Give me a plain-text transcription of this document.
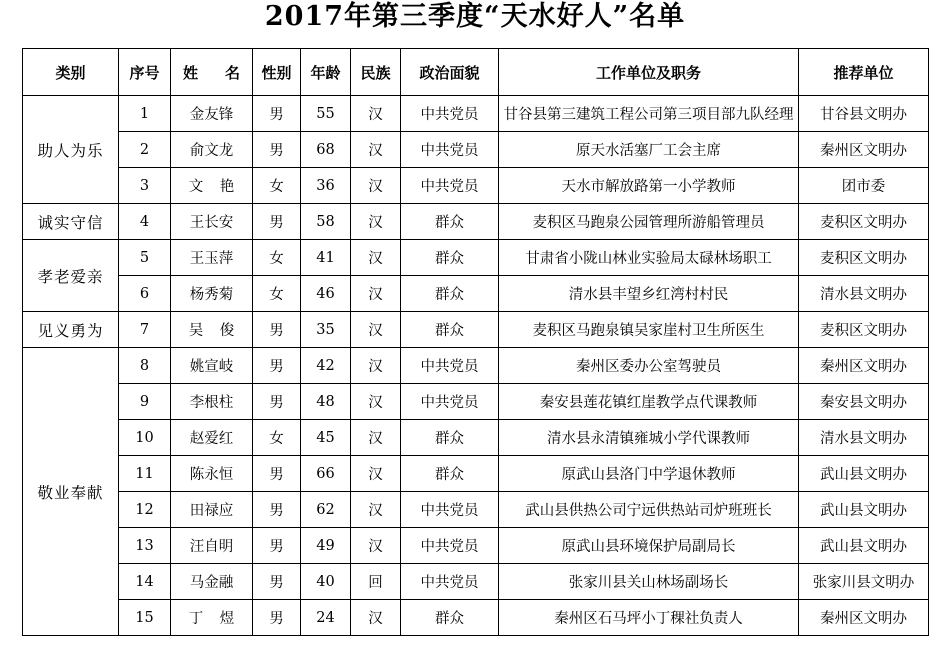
2017年第三季度“天水好人”名单
类别	序号	姓　名	性别	年龄	民族	政治面貌	工作单位及职务	推荐单位
助人为乐	1	金友锋	男	55	汉	中共党员	甘谷县第三建筑工程公司第三项目部九队经理	甘谷县文明办
	2	俞文龙	男	68	汉	中共党员	原天水活塞厂工会主席	秦州区文明办
	3	文 艳	女	36	汉	中共党员	天水市解放路第一小学教师	团市委
诚实守信	4	王长安	男	58	汉	群众	麦积区马跑泉公园管理所游船管理员	麦积区文明办
孝老爱亲	5	王玉萍	女	41	汉	群众	甘肃省小陇山林业实验局太碌林场职工	麦积区文明办
	6	杨秀菊	女	46	汉	群众	清水县丰望乡红湾村村民	清水县文明办
见义勇为	7	吴 俊	男	35	汉	群众	麦积区马跑泉镇吴家崖村卫生所医生	麦积区文明办
敬业奉献	8	姚宣岐	男	42	汉	中共党员	秦州区委办公室驾驶员	秦州区文明办
	9	李根柱	男	48	汉	中共党员	秦安县莲花镇红崖教学点代课教师	秦安县文明办
	10	赵爱红	女	45	汉	群众	清水县永清镇雍城小学代课教师	清水县文明办
	11	陈永恒	男	66	汉	群众	原武山县洛门中学退休教师	武山县文明办
	12	田禄应	男	62	汉	中共党员	武山县供热公司宁远供热站司炉班班长	武山县文明办
	13	汪自明	男	49	汉	中共党员	原武山县环境保护局副局长	武山县文明办
	14	马金融	男	40	回	中共党员	张家川县关山林场副场长	张家川县文明办
	15	丁 煜	男	24	汉	群众	秦州区石马坪小丁稞社负责人	秦州区文明办
